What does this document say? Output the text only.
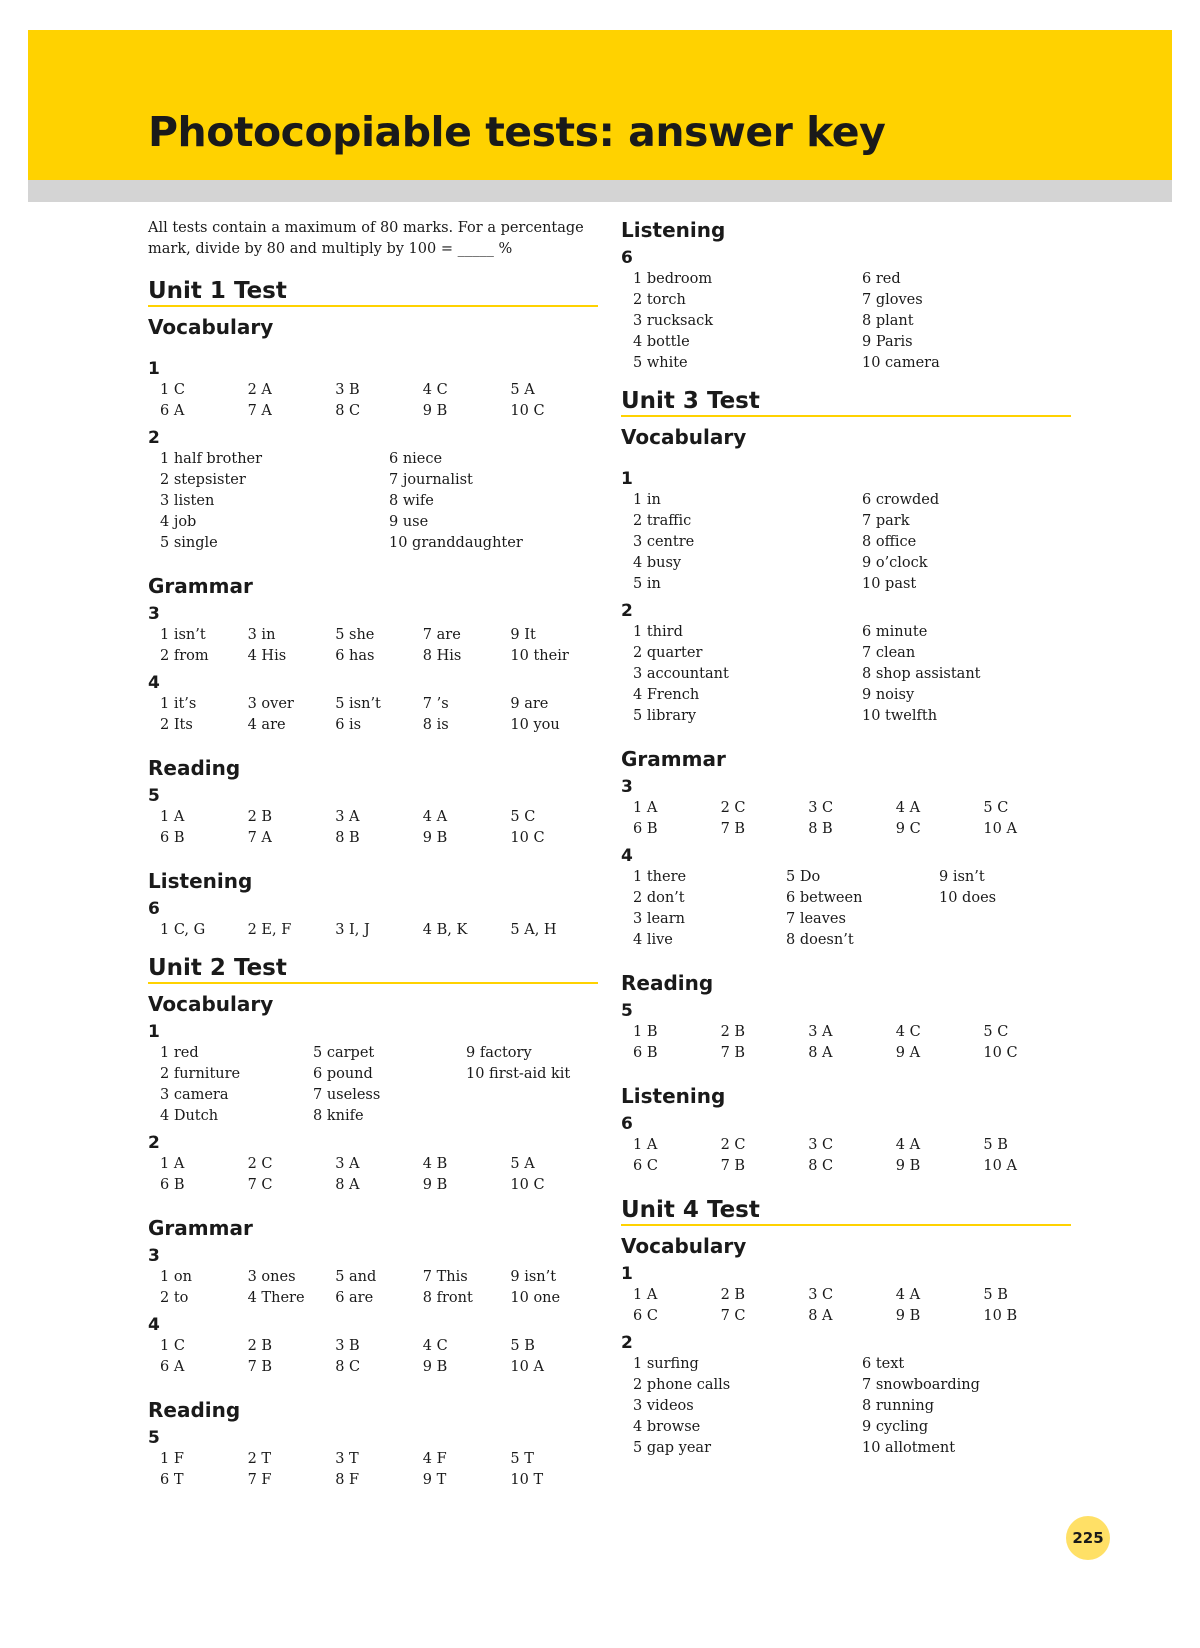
Photocopiable tests: answer key

All tests contain a maximum of 80 marks. For a percentage mark, divide by 80 and multiply by 100 = _____ %

Unit 1 Test
Vocabulary
1
1 C	2 A	3 B	4 C	5 A
6 A	7 A	8 C	9 B	10 C
2
1 half brother	6 niece
2 stepsister	7 journalist
3 listen	8 wife
4 job	9 use
5 single	10 granddaughter
Grammar
3
1 isn’t	3 in	5 she	7 are	9 It
2 from	4 His	6 has	8 His	10 their
4
1 it’s	3 over	5 isn’t	7 ’s	9 are
2 Its	4 are	6 is	8 is	10 you
Reading
5
1 A	2 B	3 A	4 A	5 C
6 B	7 A	8 B	9 B	10 C
Listening
6
1 C, G	2 E, F	3 I, J	4 B, K	5 A, H
Unit 2 Test
Vocabulary
1
1 red	5 carpet	9 factory
2 furniture	6 pound	10 first-aid kit
3 camera	7 useless
4 Dutch	8 knife
2
1 A	2 C	3 A	4 B	5 A
6 B	7 C	8 A	9 B	10 C
Grammar
3
1 on	3 ones	5 and	7 This	9 isn’t
2 to	4 There	6 are	8 front	10 one
4
1 C	2 B	3 B	4 C	5 B
6 A	7 B	8 C	9 B	10 A
Reading
5
1 F	2 T	3 T	4 F	5 T
6 T	7 F	8 F	9 T	10 T
Listening
6
1 bedroom	6 red
2 torch	7 gloves
3 rucksack	8 plant
4 bottle	9 Paris
5 white	10 camera
Unit 3 Test
Vocabulary
1
1 in	6 crowded
2 traffic	7 park
3 centre	8 office
4 busy	9 o’clock
5 in	10 past
2
1 third	6 minute
2 quarter	7 clean
3 accountant	8 shop assistant
4 French	9 noisy
5 library	10 twelfth
Grammar
3
1 A	2 C	3 C	4 A	5 C
6 B	7 B	8 B	9 C	10 A
4
1 there	5 Do	9 isn’t
2 don’t	6 between	10 does
3 learn	7 leaves
4 live	8 doesn’t
Reading
5
1 B	2 B	3 A	4 C	5 C
6 B	7 B	8 A	9 A	10 C
Listening
6
1 A	2 C	3 C	4 A	5 B
6 C	7 B	8 C	9 B	10 A
Unit 4 Test
Vocabulary
1
1 A	2 B	3 C	4 A	5 B
6 C	7 C	8 A	9 B	10 B
2
1 surfing	6 text
2 phone calls	7 snowboarding
3 videos	8 running
4 browse	9 cycling
5 gap year	10 allotment
225
